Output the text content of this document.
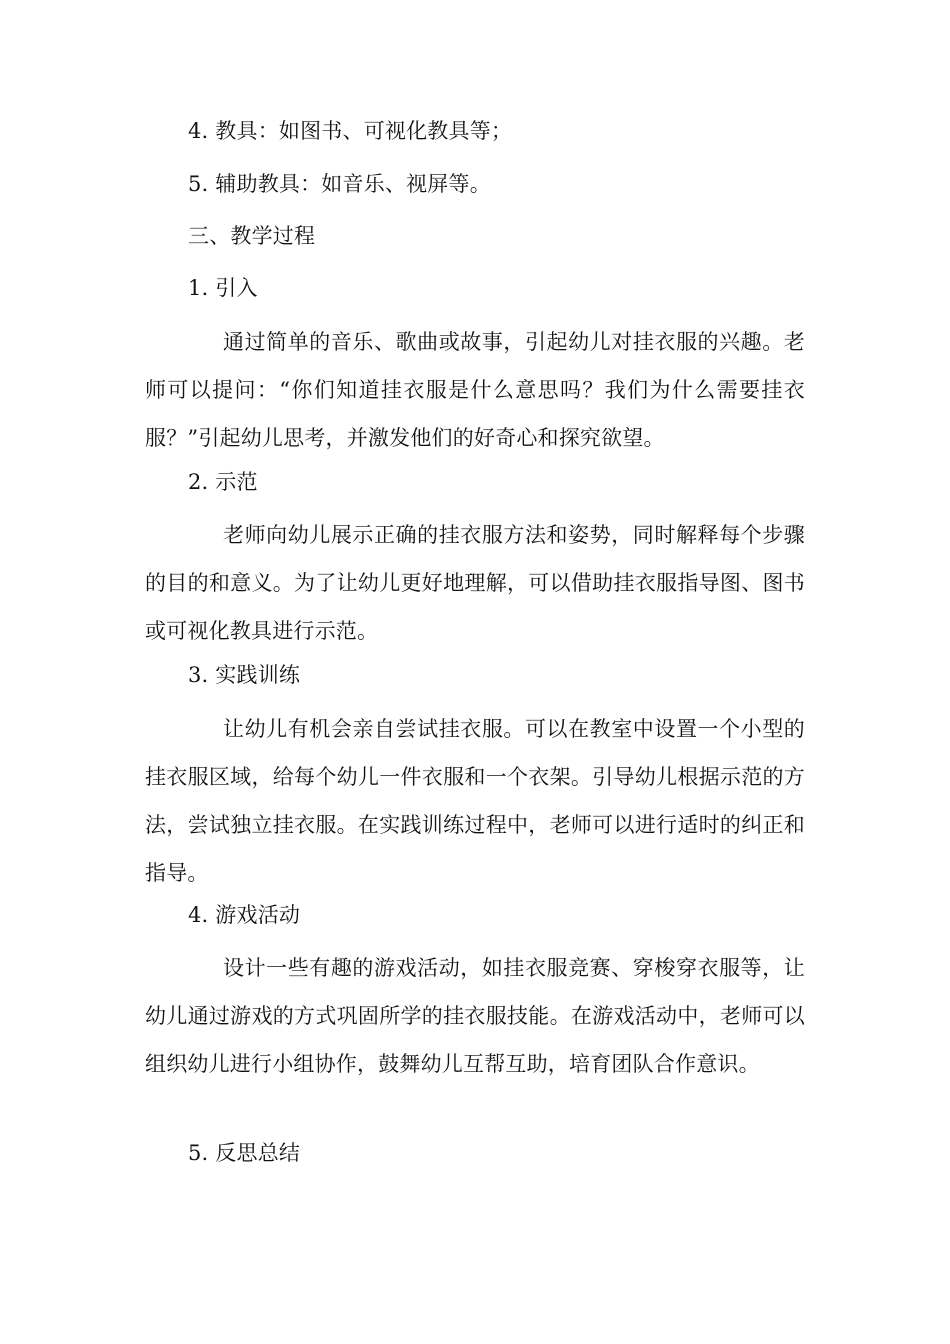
4. 教具：如图书、可视化教具等；
5. 辅助教具：如音乐、视屏等。
三、教学过程
1. 引入
通过简单的音乐、歌曲或故事，引起幼儿对挂衣服的兴趣。老师可以提问：“你们知道挂衣服是什么意思吗？我们为什么需要挂衣服？”引起幼儿思考，并激发他们的好奇心和探究欲望。
2. 示范
老师向幼儿展示正确的挂衣服方法和姿势，同时解释每个步骤的目的和意义。为了让幼儿更好地理解，可以借助挂衣服指导图、图书或可视化教具进行示范。
3. 实践训练
让幼儿有机会亲自尝试挂衣服。可以在教室中设置一个小型的挂衣服区域，给每个幼儿一件衣服和一个衣架。引导幼儿根据示范的方法，尝试独立挂衣服。在实践训练过程中，老师可以进行适时的纠正和指导。
4. 游戏活动
设计一些有趣的游戏活动，如挂衣服竞赛、穿梭穿衣服等，让幼儿通过游戏的方式巩固所学的挂衣服技能。在游戏活动中，老师可以组织幼儿进行小组协作，鼓舞幼儿互帮互助，培育团队合作意识。
5. 反思总结
